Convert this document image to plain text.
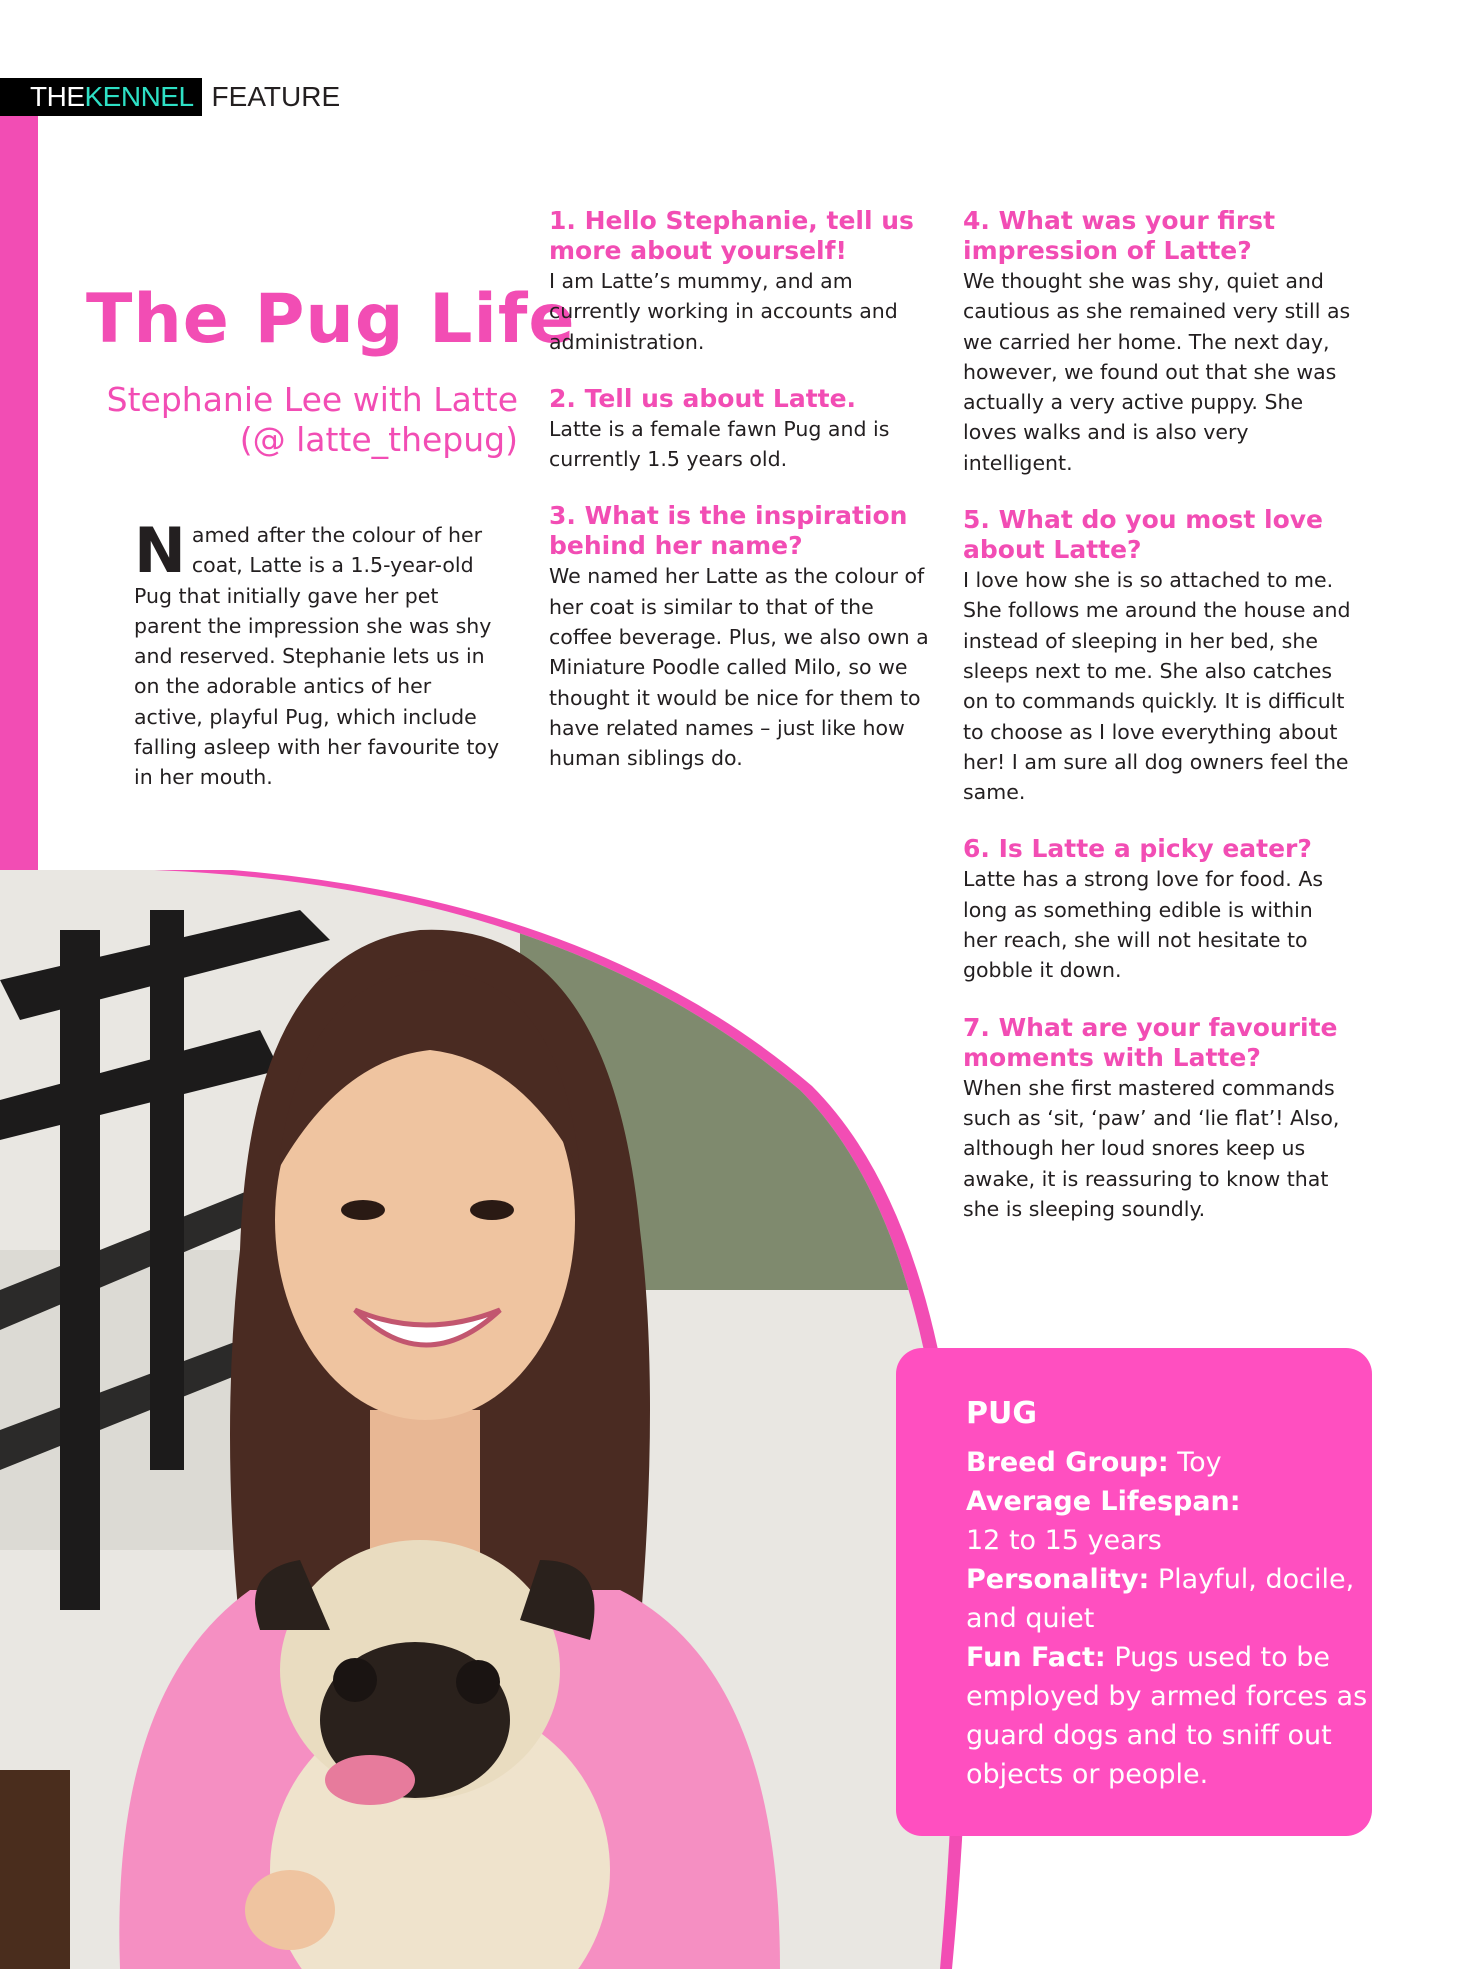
THE KENNEL FEATURE
The Pug Life
Stephanie Lee with Latte
(@ latte_thepug)

Named after the colour of her coat, Latte is a 1.5-year-old Pug that initially gave her pet parent the impression she was shy and reserved. Stephanie lets us in on the adorable antics of her active, playful Pug, which include falling asleep with her favourite toy in her mouth.

1. Hello Stephanie, tell us more about yourself!

I am Latte’s mummy, and am currently working in accounts and administration.

2. Tell us about Latte.

Latte is a female fawn Pug and is currently 1.5 years old.

3. What is the inspiration behind her name?

We named her Latte as the colour of her coat is similar to that of the coffee beverage. Plus, we also own a Miniature Poodle called Milo, so we thought it would be nice for them to have related names – just like how human siblings do.

4. What was your first impression of Latte?

We thought she was shy, quiet and cautious as she remained very still as we carried her home. The next day, however, we found out that she was actually a very active puppy. She loves walks and is also very intelligent.

5. What do you most love about Latte?

I love how she is so attached to me. She follows me around the house and instead of sleeping in her bed, she sleeps next to me. She also catches on to commands quickly. It is difficult to choose as I love everything about her! I am sure all dog owners feel the same.

6. Is Latte a picky eater?

Latte has a strong love for food. As long as something edible is within her reach, she will not hesitate to gobble it down.

7. What are your favourite moments with Latte?

When she first mastered commands such as ‘sit, ‘paw’ and ‘lie flat’! Also, although her loud snores keep us awake, it is reassuring to know that she is sleeping soundly.

PUG

Breed Group: Toy

Average Lifespan:
12 to 15 years

Personality: Playful, docile, and quiet

Fun Fact: Pugs used to be employed by armed forces as guard dogs and to sniff out objects or people.
